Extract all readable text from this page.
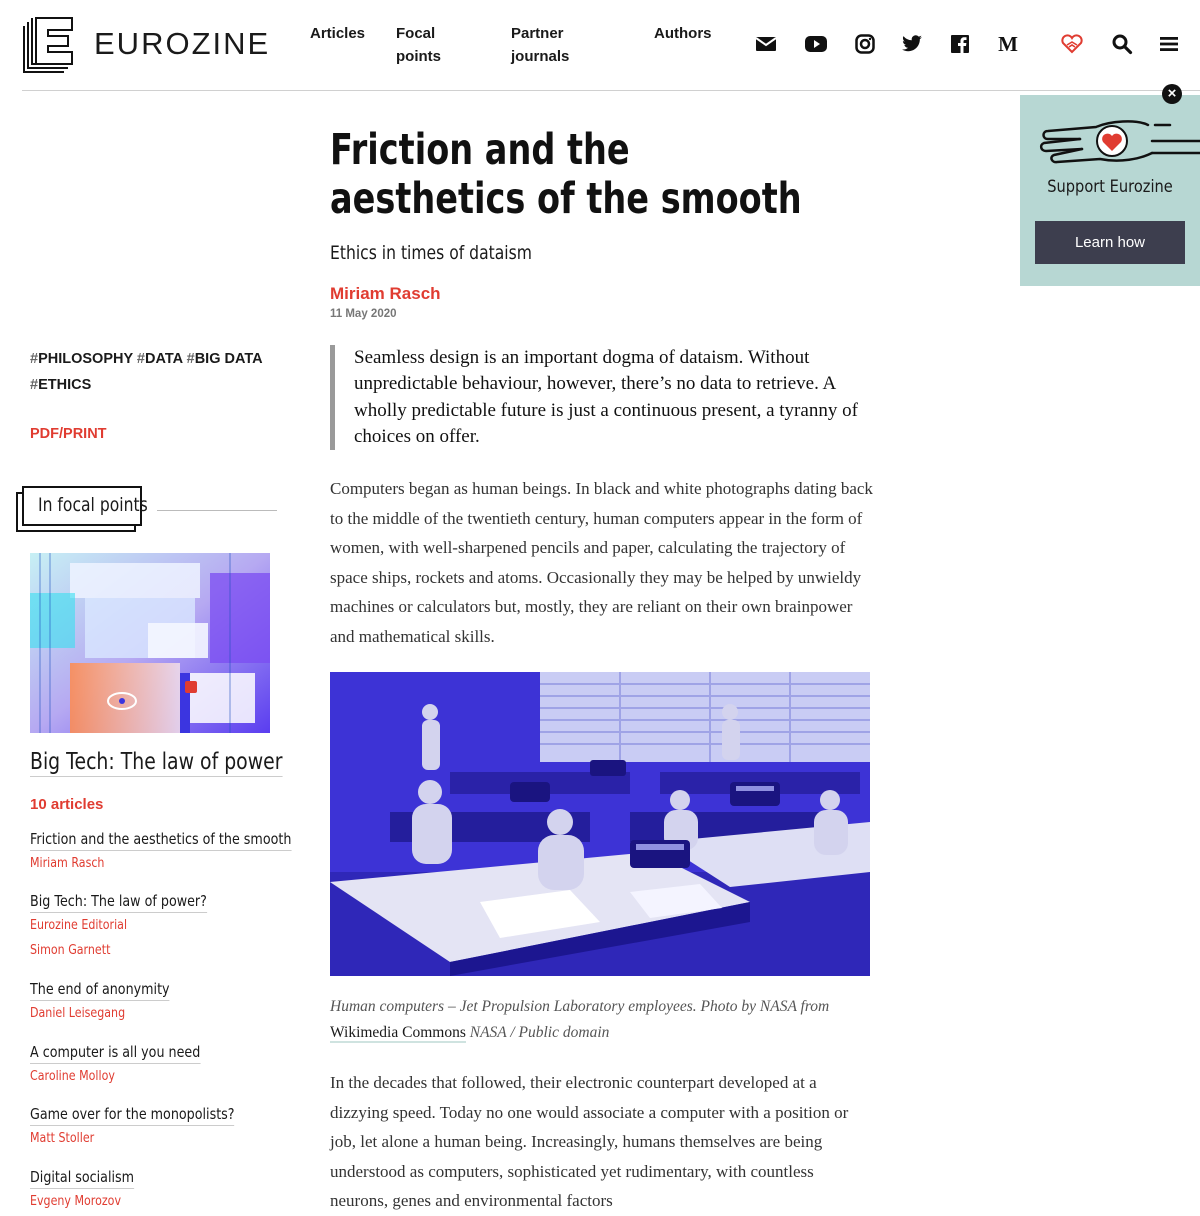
EUROZINE	Articles Focal points
Partner journals
Authors	M
Support Eurozine
Learn how
×
Friction and the aesthetics of the smooth
Ethics in times of dataism
Miriam Rasch
11 May 2020
#PHILOSOPHY #DATA #BIG DATA #ETHICS
PDF/PRINT
In focal points
Big Tech: The law of power
10 articles
Friction and the aesthetics of the smooth
Miriam Rasch
Big Tech: The law of power?
Eurozine Editorial
Simon Garnett
The end of anonymity
Daniel Leisegang
A computer is all you need
Caroline Molloy
Game over for the monopolists?
Matt Stoller
Digital socialism
Evgeny Morozov
Seamless design is an important dogma of dataism. Without unpredictable behaviour, however, there’s no data to retrieve. A wholly predictable future is just a continuous present, a tyranny of choices on offer.

Computers began as human beings. In black and white photographs dating back to the middle of the twentieth century, human computers appear in the form of women, with well-sharpened pencils and paper, calculating the trajectory of space ships, rockets and atoms. Occasionally they may be helped by unwieldy machines or calculators but, mostly, they are reliant on their own brainpower and mathematical skills.

Human computers – Jet Propulsion Laboratory employees. Photo by NASA from Wikimedia Commons NASA / Public domain

In the decades that followed, their electronic counterpart developed at a dizzying speed. Today no one would associate a computer with a position or job, let alone a human being. Increasingly, humans themselves are being understood as computers, sophisticated yet rudimentary, with countless neurons, genes and environmental factors
